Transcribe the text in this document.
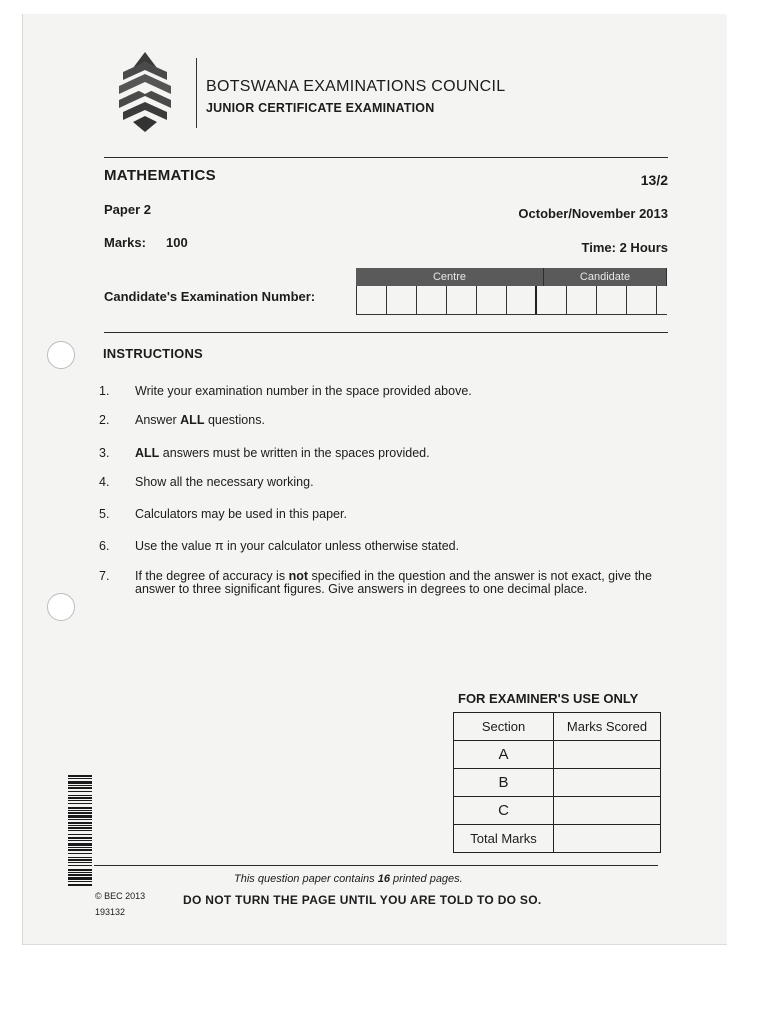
BOTSWANA EXAMINATIONS COUNCIL
JUNIOR CERTIFICATE EXAMINATION
MATHEMATICS	13/2
Paper 2	October/November 2013
Marks: 100	Time: 2 Hours
Candidate's Examination Number:
Centre	Candidate
INSTRUCTIONS
1.	Write your examination number in the space provided above.
2.	Answer ALL questions.
3.	ALL answers must be written in the spaces provided.
4.	Show all the necessary working.
5.	Calculators may be used in this paper.
6.	Use the value π in your calculator unless otherwise stated.
7.	If the degree of accuracy is not specified in the question and the answer is not exact, give the answer to three significant figures. Give answers in degrees to one decimal place.
FOR EXAMINER'S USE ONLY
Section	Marks Scored
A	
B	
C	
Total Marks	
This question paper contains 16 printed pages.
© BEC 2013	DO NOT TURN THE PAGE UNTIL YOU ARE TOLD TO DO SO.
193132
